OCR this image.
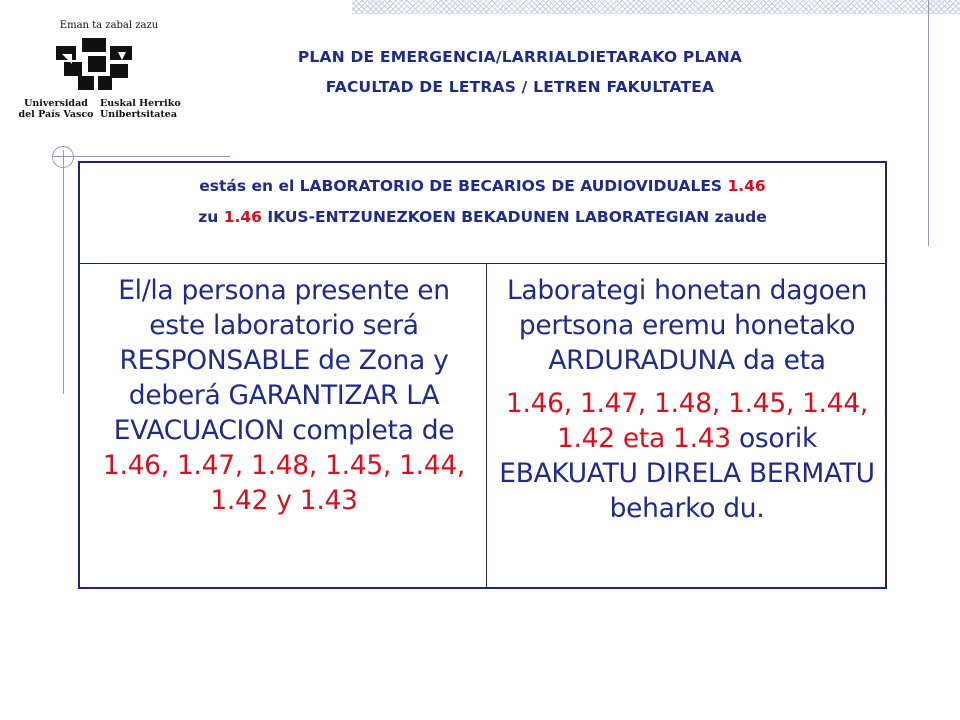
Eman ta zabal zazu
Universidad
del País Vasco
Euskal Herriko
Unibertsitatea
PLAN DE EMERGENCIA/LARRIALDIETARAKO PLANA
FACULTAD DE LETRAS / LETREN FAKULTATEA
estás en el LABORATORIO DE BECARIOS DE AUDIOVIDUALES 1.46
zu 1.46 IKUS-ENTZUNEZKOEN BEKADUNEN LABORATEGIAN zaude

El/la persona presente en este laboratorio será RESPONSABLE de Zona y deberá GARANTIZAR LA EVACUACION completa de 1.46, 1.47, 1.48, 1.45, 1.44, 1.42 y 1.43

Laborategi honetan dagoen pertsona eremu honetako ARDURADUNA da eta

1.46, 1.47, 1.48, 1.45, 1.44, 1.42 eta 1.43 osorik EBAKUATU DIRELA BERMATU beharko du.
